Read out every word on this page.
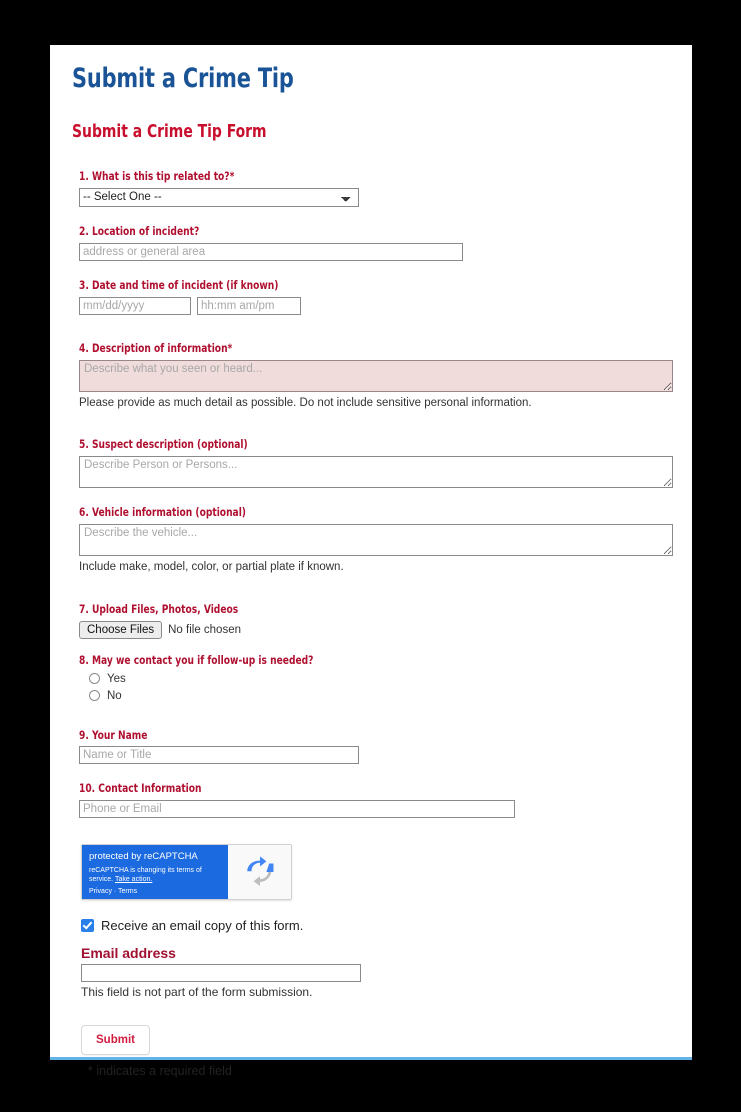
Submit a Crime Tip
Submit a Crime Tip Form
1. What is this tip related to?*
-- Select One --
2. Location of incident?
address or general area
3. Date and time of incident (if known)
mm/dd/yyyy
hh:mm am/pm
4. Description of information*
Describe what you seen or heard...
Please provide as much detail as possible. Do not include sensitive personal information.
5. Suspect description (optional)
Describe Person or Persons...
6. Vehicle information (optional)
Describe the vehicle...
Include make, model, color, or partial plate if known.
7. Upload Files, Photos, Videos
Choose Files	No file chosen
8. May we contact you if follow-up is needed?
Yes
No
9. Your Name
Name or Title
10. Contact Information
Phone or Email
protected by reCAPTCHA
reCAPTCHA is changing its terms of service. Take action.
Privacy · Terms
Receive an email copy of this form.
Email address
This field is not part of the form submission.
Submit
* indicates a required field
